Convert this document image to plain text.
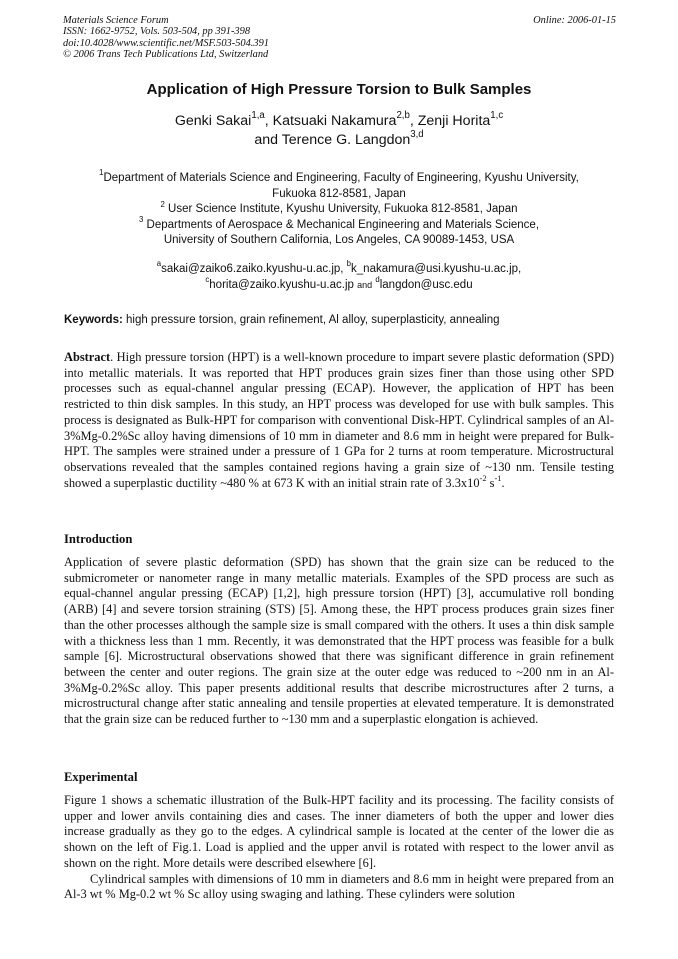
Materials Science Forum
ISSN: 1662-9752, Vols. 503-504, pp 391-398
doi:10.4028/www.scientific.net/MSF.503-504.391
© 2006 Trans Tech Publications Ltd, Switzerland
Online: 2006-01-15
Application of High Pressure Torsion to Bulk Samples
Genki Sakai$^{1,a}$, Katsuaki Nakamura$^{2,b}$, Zenji Horita$^{1,c}$
and Terence G. Langdon$^{3,d}$
$^1$Department of Materials Science and Engineering, Faculty of Engineering, Kyushu University,
Fukuoka 812-8581, Japan
$^2$ User Science Institute, Kyushu University, Fukuoka 812-8581, Japan
$^3$ Departments of Aerospace & Mechanical Engineering and Materials Science,
University of Southern California, Los Angeles, CA 90089-1453, USA
$^a$sakai@zaiko6.zaiko.kyushu-u.ac.jp, $^b$k_nakamura@usi.kyushu-u.ac.jp,
$^c$horita@zaiko.kyushu-u.ac.jp and $^d$langdon@usc.edu
Keywords: high pressure torsion, grain refinement, Al alloy, superplasticity, annealing
Abstract. High pressure torsion (HPT) is a well-known procedure to impart severe plastic deformation (SPD) into metallic materials. It was reported that HPT produces grain sizes finer than those using other SPD processes such as equal-channel angular pressing (ECAP). However, the application of HPT has been restricted to thin disk samples. In this study, an HPT process was developed for use with bulk samples. This process is designated as Bulk-HPT for comparison with conventional Disk-HPT. Cylindrical samples of an Al-3%Mg-0.2%Sc alloy having dimensions of 10 mm in diameter and 8.6 mm in height were prepared for Bulk-HPT. The samples were strained under a pressure of 1 GPa for 2 turns at room temperature. Microstructural observations revealed that the samples contained regions having a grain size of ~130 nm. Tensile testing showed a superplastic ductility ~480 % at 673 K with an initial strain rate of $3.3x10^{-2}$ $s^{-1}$.
Introduction
Application of severe plastic deformation (SPD) has shown that the grain size can be reduced to the submicrometer or nanometer range in many metallic materials. Examples of the SPD process are such as equal-channel angular pressing (ECAP) [1,2], high pressure torsion (HPT) [3], accumulative roll bonding (ARB) [4] and severe torsion straining (STS) [5]. Among these, the HPT process produces grain sizes finer than the other processes although the sample size is small compared with the others. It uses a thin disk sample with a thickness less than 1 mm. Recently, it was demonstrated that the HPT process was feasible for a bulk sample [6]. Microstructural observations showed that there was significant difference in grain refinement between the center and outer regions. The grain size at the outer edge was reduced to ~200 nm in an Al-3%Mg-0.2%Sc alloy. This paper presents additional results that describe microstructures after 2 turns, a microstructural change after static annealing and tensile properties at elevated temperature. It is demonstrated that the grain size can be reduced further to ~130 mm and a superplastic elongation is achieved.
Experimental
Figure 1 shows a schematic illustration of the Bulk-HPT facility and its processing. The facility consists of upper and lower anvils containing dies and cases. The inner diameters of both the upper and lower dies increase gradually as they go to the edges. A cylindrical sample is located at the center of the lower die as shown on the left of Fig.1. Load is applied and the upper anvil is rotated with respect to the lower anvil as shown on the right. More details were described elsewhere [6].
Cylindrical samples with dimensions of 10 mm in diameters and 8.6 mm in height were prepared from an Al-3 wt % Mg-0.2 wt % Sc alloy using swaging and lathing. These cylinders were solution
